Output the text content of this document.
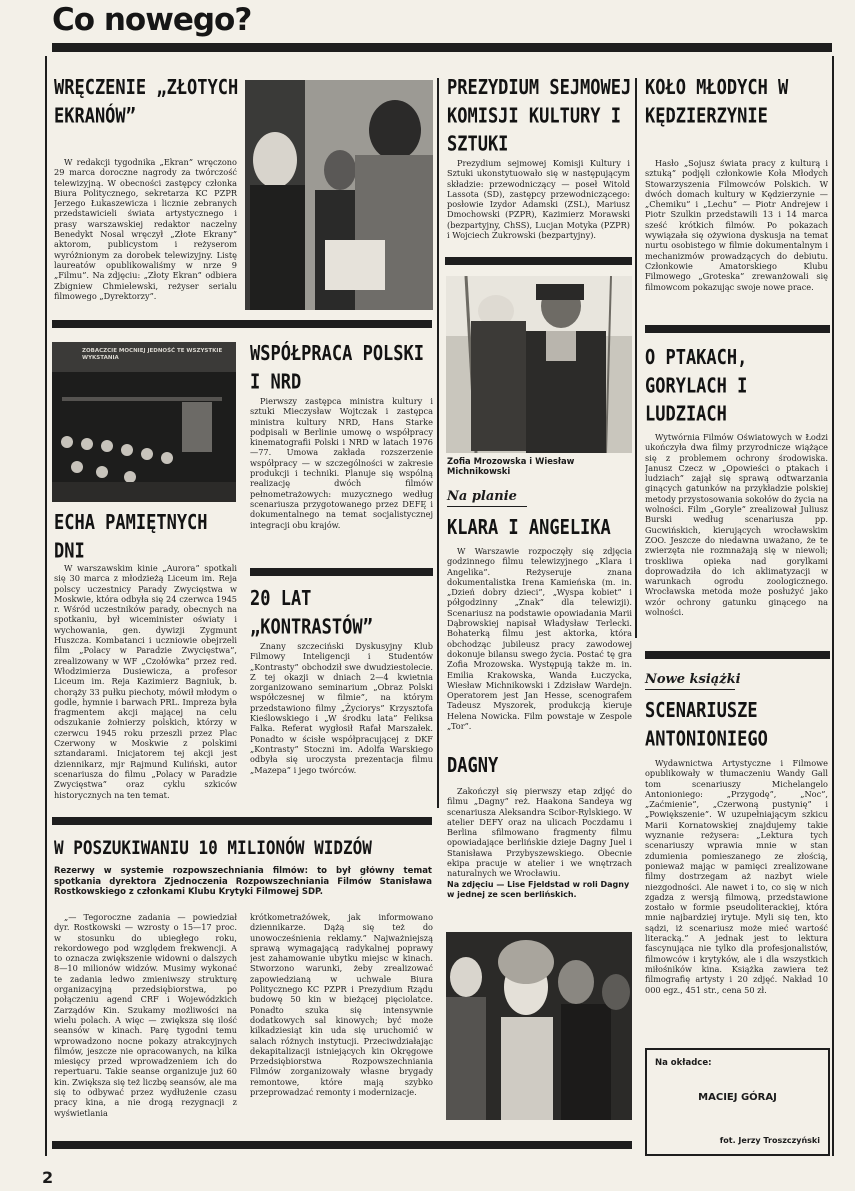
Co nowego?
WRĘCZENIE „ZŁOTYCH EKRANÓW”
W redakcji tygodnika „Ekran” wręczono 29 marca doroczne nagrody za twórczość telewizyjną. W obecności zastępcy członka Biura Politycznego, sekretarza KC PZPR Jerzego Łukaszewicza i licznie zebranych przedstawicieli świata artystycznego i prasy warszawskiej redaktor naczelny Benedykt Nosal wręczył „Złote Ekrany” aktorom, publicystom i reżyserom wyróżnionym za dorobek telewizyjny. Listę laureatów opublikowaliśmy w nrze 9 „Filmu”. Na zdjęciu: „Złoty Ekran” odbiera Zbigniew Chmielewski, reżyser serialu filmowego „Dyrektorzy”.
PREZYDIUM SEJMOWEJ KOMISJI KULTURY I SZTUKI
Prezydium sejmowej Komisji Kultury i Sztuki ukonstytuowało się w następującym składzie: przewodniczący — poseł Witold Lassota (SD), zastępcy przewodniczącego: posłowie Izydor Adamski (ZSL), Mariusz Dmochowski (PZPR), Kazimierz Morawski (bezpartyjny, ChSS), Lucjan Motyka (PZPR) i Wojciech Żukrowski (bezpartyjny).
Zofia Mrozowska i Wiesław Michnikowski
Na planie
KLARA I ANGELIKA
W Warszawie rozpoczęły się zdjęcia godzinnego filmu telewizyjnego „Klara i Angelika”. Reżyseruje znana dokumentalistka Irena Kamieńska (m. in. „Dzień dobry dzieci”, „Wyspa kobiet” i półgodzinny „Znak” dla telewizji). Scenariusz na podstawie opowiadania Marii Dąbrowskiej napisał Władysław Terlecki. Bohaterką filmu jest aktorka, która obchodząc jubileusz pracy zawodowej dokonuje bilansu swego życia. Postać tę gra Zofia Mrozowska. Występują także m. in. Emilia Krakowska, Wanda Łuczycka, Wiesław Michnikowski i Zdzisław Wardejn. Operatorem jest Jan Hesse, scenografem Tadeusz Myszorek, produkcją kieruje Helena Nowicka. Film powstaje w Zespole „Tor”.
DAGNY
Zakończył się pierwszy etap zdjęć do filmu „Dagny” reż. Haakona Sandeya wg scenariusza Aleksandra Scibor-Rylskiego. W atelier DEFY oraz na ulicach Poczdamu i Berlina sfilmowano fragmenty filmu opowiadające berlińskie dzieje Dagny Juel i Stanisława Przybyszewskiego. Obecnie ekipa pracuje w atelier i we wnętrzach naturalnych we Wrocławiu.
Na zdjęciu — Lise Fjeldstad w roli Dagny w jednej ze scen berlińskich.
KOŁO MŁODYCH W KĘDZIERZYNIE
Hasło „Sojusz świata pracy z kulturą i sztuką” podjęli członkowie Koła Młodych Stowarzyszenia Filmowców Polskich. W dwóch domach kultury w Kędzierzynie — „Chemiku” i „Lechu” — Piotr Andrejew i Piotr Szulkin przedstawili 13 i 14 marca sześć krótkich filmów. Po pokazach wywiązała się ożywiona dyskusja na temat nurtu osobistego w filmie dokumentalnym i mechanizmów prowadzących do debiutu. Członkowie Amatorskiego Klubu Filmowego „Groteska” zrewanżowali się filmowcom pokazując swoje nowe prace.
O PTAKACH, GORYLACH I LUDZIACH
Wytwórnia Filmów Oświatowych w Łodzi ukończyła dwa filmy przyrodnicze wiążące się z problemem ochrony środowiska. Janusz Czecz w „Opowieści o ptakach i ludziach” zajął się sprawą odtwarzania ginących gatunków na przykładzie polskiej metody przystosowania sokołów do życia na wolności. Film „Goryle” zrealizował Juliusz Burski według scenariusza pp. Gucwińskich, kierujących wrocławskim ZOO. Jeszcze do niedawna uważano, że te zwierzęta nie rozmnażają się w niewoli; troskliwa opieka nad gorylkami doprowadziła do ich aklimatyzacji w warunkach ogrodu zoologicznego. Wrocławska metoda może posłużyć jako wzór ochrony gatunku ginącego na wolności.
Nowe książki
SCENARIUSZE ANTONIONIEGO
Wydawnictwa Artystyczne i Filmowe opublikowały w tłumaczeniu Wandy Gall tom scenariuszy Michelangelo Antonioniego: „Przygodę”, „Noc”, „Zaćmienie”, „Czerwoną pustynię” i „Powiększenie”. W uzupełniającym szkicu Marii Kornatowskiej znajdujemy takie wyznanie reżysera: „Lektura tych scenariuszy wprawia mnie w stan zdumienia pomieszanego ze złością, ponieważ mając w pamięci zrealizowane filmy dostrzegam aż nazbyt wiele niezgodności. Ale nawet i to, co się w nich zgadza z wersją filmową, przedstawione zostało w formie pseudoliterackiej, która mnie najbardziej irytuje. Myli się ten, kto sądzi, iż scenariusz może mieć wartość literacką.” A jednak jest to lektura fascynująca nie tylko dla profesjonalistów, filmowców i krytyków, ale i dla wszystkich miłośników kina. Książka zawiera też filmografię artysty i 20 zdjęć. Nakład 10 000 egz., 451 str., cena 50 zł.
Na okładce:
MACIEJ GÓRAJ
fot. Jerzy Troszczyński
ZOBACZCIE MOCNIEJ JEDNOŚĆ TE WSZYSTKIE WYKSTANIA	WSPÓŁPRACA POLSKI I NRD
Pierwszy zastępca ministra kultury i sztuki Mieczysław Wojtczak i zastępca ministra kultury NRD, Hans Starke podpisali w Berlinie umowę o współpracy kinematografii Polski i NRD w latach 1976—77. Umowa zakłada rozszerzenie współpracy — w szczególności w zakresie produkcji i techniki. Planuje się wspólną realizację dwóch filmów pełnometrażowych: muzycznego według scenariusza przygotowanego przez DEFĘ i dokumentalnego na temat socjalistycznej integracji obu krajów.
20 LAT „KONTRASTÓW”
Znany szczeciński Dyskusyjny Klub Filmowy Inteligencji i Studentów „Kontrasty” obchodził swe dwudziestolecie. Z tej okazji w dniach 2—4 kwietnia zorganizowano seminarium „Obraz Polski współczesnej w filmie”, na którym przedstawiono filmy „Życiorys” Krzysztofa Kieślowskiego i „W środku lata” Feliksa Falka. Referat wygłosił Rafał Marszałek. Ponadto w ścisłe współpracującej z DKF „Kontrasty” Stoczni im. Adolfa Warskiego odbyła się uroczysta prezentacja filmu „Mazepa” i jego twórców.
ECHA PAMIĘTNYCH DNI
W warszawskim kinie „Aurora” spotkali się 30 marca z młodzieżą Liceum im. Reja polscy uczestnicy Parady Zwycięstwa w Moskwie, która odbyła się 24 czerwca 1945 r. Wśród uczestników parady, obecnych na spotkaniu, był wiceminister oświaty i wychowania, gen. dywizji Zygmunt Huszcza. Kombatanci i uczniowie obejrzeli film „Polacy w Paradzie Zwycięstwa”, zrealizowany w WF „Czołówka” przez red. Włodzimierza Dusiewicza, a profesor Liceum im. Reja Kazimierz Bagniuk, b. chorąży 33 pułku piechoty, mówił młodym o godle, hymnie i barwach PRL. Impreza była fragmentem akcji mającej na celu odszukanie żołnierzy polskich, którzy w czerwcu 1945 roku przeszli przez Plac Czerwony w Moskwie z polskimi sztandarami. Inicjatorem tej akcji jest dziennikarz, mjr Rajmund Kuliński, autor scenariusza do filmu „Polacy w Paradzie Zwycięstwa” oraz cyklu szkiców historycznych na ten temat.
W POSZUKIWANIU 10 MILIONÓW WIDZÓW
Rezerwy w systemie rozpowszechniania filmów: to był główny temat spotkania dyrektora Zjednoczenia Rozpowszechniania Filmów Stanisława Rostkowskiego z członkami Klubu Krytyki Filmowej SDP.
„— Tegoroczne zadania — powiedział dyr. Rostkowski — wzrosty o 15—17 proc. w stosunku do ubiegłego roku, rekordowego pod względem frekwencji. A to oznacza zwiększenie widowni o dalszych 8—10 milionów widzów. Musimy wykonać te zadania ledwo zmieniwszy strukturę organizacyjną przedsiębiorstwa, po połączeniu agend CRF i Wojewódzkich Zarządów Kin. Szukamy możliwości na wielu polach. A więc — zwiększa się ilość seansów w kinach. Parę tygodni temu wprowadzono nocne pokazy atrakcyjnych filmów, jeszcze nie opracowanych, na kilka miesięcy przed wprowadzeniem ich do repertuaru. Takie seanse organizuje już 60 kin. Zwiększa się też liczbę seansów, ale ma się to odbywać przez wydłużenie czasu pracy kina, a nie drogą rezygnacji z wyświetlania
krótkometrażówek, jak informowano dziennikarze. Dążą się też do unowocześnienia reklamy.” Najważniejszą sprawą wymagającą radykalnej poprawy jest zahamowanie ubytku miejsc w kinach. Stworzono warunki, żeby zrealizować zapowiedzianą w uchwale Biura Politycznego KC PZPR i Prezydium Rządu budowę 50 kin w bieżącej pięciolatce. Ponadto szuka się intensywnie dodatkowych sal kinowych; być może kilkadziesiąt kin uda się uruchomić w salach różnych instytucji. Przeciwdziałając dekapitalizacji istniejących kin Okręgowe Przedsiębiorstwa Rozpowszechniania Filmów zorganizowały własne brygady remontowe, które mają szybko przeprowadzać remonty i modernizacje.
2
